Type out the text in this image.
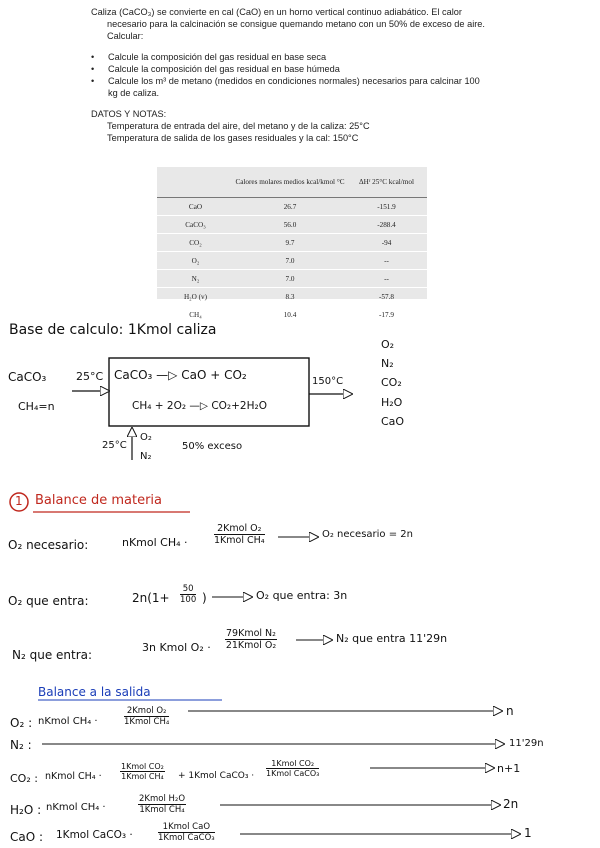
Caliza (CaCO₃) se convierte en cal (CaO) en un horno vertical continuo adiabático. El calor necesario para la calcinación se consigue quemando metano con un 50% de exceso de aire. Calcular:

• Calcule la composición del gas residual en base seca
• Calcule la composición del gas residual en base húmeda
• Calcule los m³ de metano (medidos en condiciones normales) necesarios para calcinar 100 kg de caliza.

DATOS Y NOTAS:

Temperatura de entrada del aire, del metano y de la caliza: 25°C

Temperatura de salida de los gases residuales y la cal: 150°C

	Calores molares medios kcal/kmol °C	ΔHᶠ 25°C kcal/mol
CaO	26.7	-151.9
CaCO₃	56.0	-288.4
CO₂	9.7	-94
O₂	7.0	--
N₂	7.0	--
H₂O (v)	8.3	-57.8
CH₄	10.4	-17.9
Base de calculo: 1Kmol caliza
CaCO₃	25°C
CH₄=n
CaCO₃ —▷ CaO + CO₂
CH₄ + 2O₂ —▷ CO₂+2H₂O
150°C
25°C
O₂
N₂
50% exceso
O₂
N₂
CO₂
H₂O
CaO
1 Balance de materia
O₂ necesario:	nKmol CH₄ ·
2Kmol O₂
1Kmol CH₄
O₂ necesario = 2n
O₂ que entra:	$2n(1+ \frac{50}{100}$ )	O₂ que entra: 3n
N₂ que entra:
3n Kmol O₂ ·
79Kmol N₂
21Kmol O₂
N₂ que entra 11'29n
Balance a la salida
O₂ : nKmol CH₄ ·
2Kmol O₂
1Kmol CH₄
n
N₂ :	11'29n
CO₂ : nKmol CH₄ ·
1Kmol CO₂
1Kmol CH₄ + 1Kmol CaCO₃ ·
1Kmol CO₂
1Kmol CaCO₃	n+1
H₂O : nKmol CH₄ ·
2Kmol H₂O
1Kmol CH₄	2n
CaO : 1Kmol CaCO₃ ·
1Kmol CaO
1Kmol CaCO₃	1
